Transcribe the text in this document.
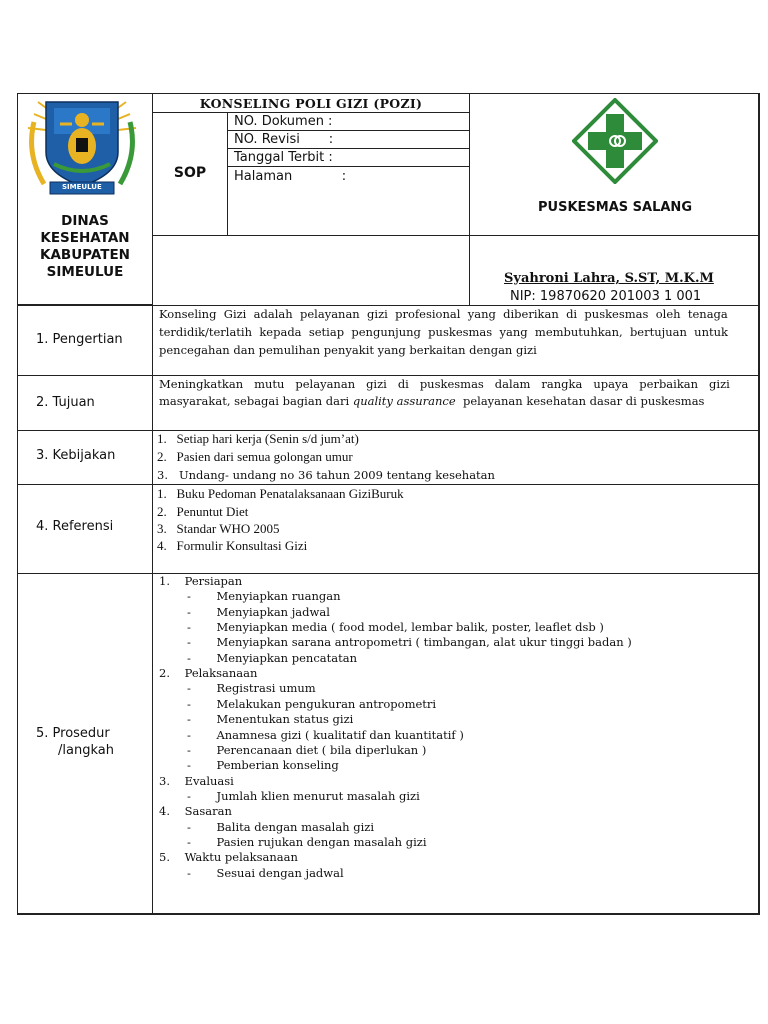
SIMEULUE
DINAS
KESEHATAN
KABUPATEN
SIMEULUE
KONSELING POLI GIZI (POZI)
SOP
NO. Dokumen :
NO. Revisi       :
Tanggal Terbit :
Halaman            :
PUSKESMAS SALANG
Syahroni Lahra, S.ST, M.K.M
NIP: 19870620 201003 1 001
1. Pengertian
Konseling  Gizi  adalah  pelayanan  gizi  profesional  yang  diberikan  di  puskesmas  oleh  tenaga
terdidik/terlatih  kepada  setiap  pengunjung  puskesmas  yang  membutuhkan,  bertujuan  untuk
pencegahan dan pemulihan penyakit yang berkaitan dengan gizi
2. Tujuan
Meningkatkan   mutu   pelayanan   gizi   di   puskesmas   dalam   rangka   upaya   perbaikan   gizi
masyarakat, sebagai bagian dari quality assurance  pelayanan kesehatan dasar di puskesmas
3. Kebijakan
1.   Setiap hari kerja (Senin s/d jum’at)
2.   Pasien dari semua golongan umur
3.   Undang- undang no 36 tahun 2009 tentang kesehatan
4. Referensi
1.   Buku Pedoman Penatalaksanaan GiziBuruk
2.   Penuntut Diet
3.   Standar WHO 2005
4.   Formulir Konsultasi Gizi
5. Prosedur
/langkah
1.    Persiapan
-       Menyiapkan ruangan
-       Menyiapkan jadwal
-       Menyiapkan media ( food model, lembar balik, poster, leaflet dsb )
-       Menyiapkan sarana antropometri ( timbangan, alat ukur tinggi badan )
-       Menyiapkan pencatatan
2.    Pelaksanaan
-       Registrasi umum
-       Melakukan pengukuran antropometri
-       Menentukan status gizi
-       Anamnesa gizi ( kualitatif dan kuantitatif )
-       Perencanaan diet ( bila diperlukan )
-       Pemberian konseling
3.    Evaluasi
-       Jumlah klien menurut masalah gizi
4.    Sasaran
-       Balita dengan masalah gizi
-       Pasien rujukan dengan masalah gizi
5.    Waktu pelaksanaan
-       Sesuai dengan jadwal
